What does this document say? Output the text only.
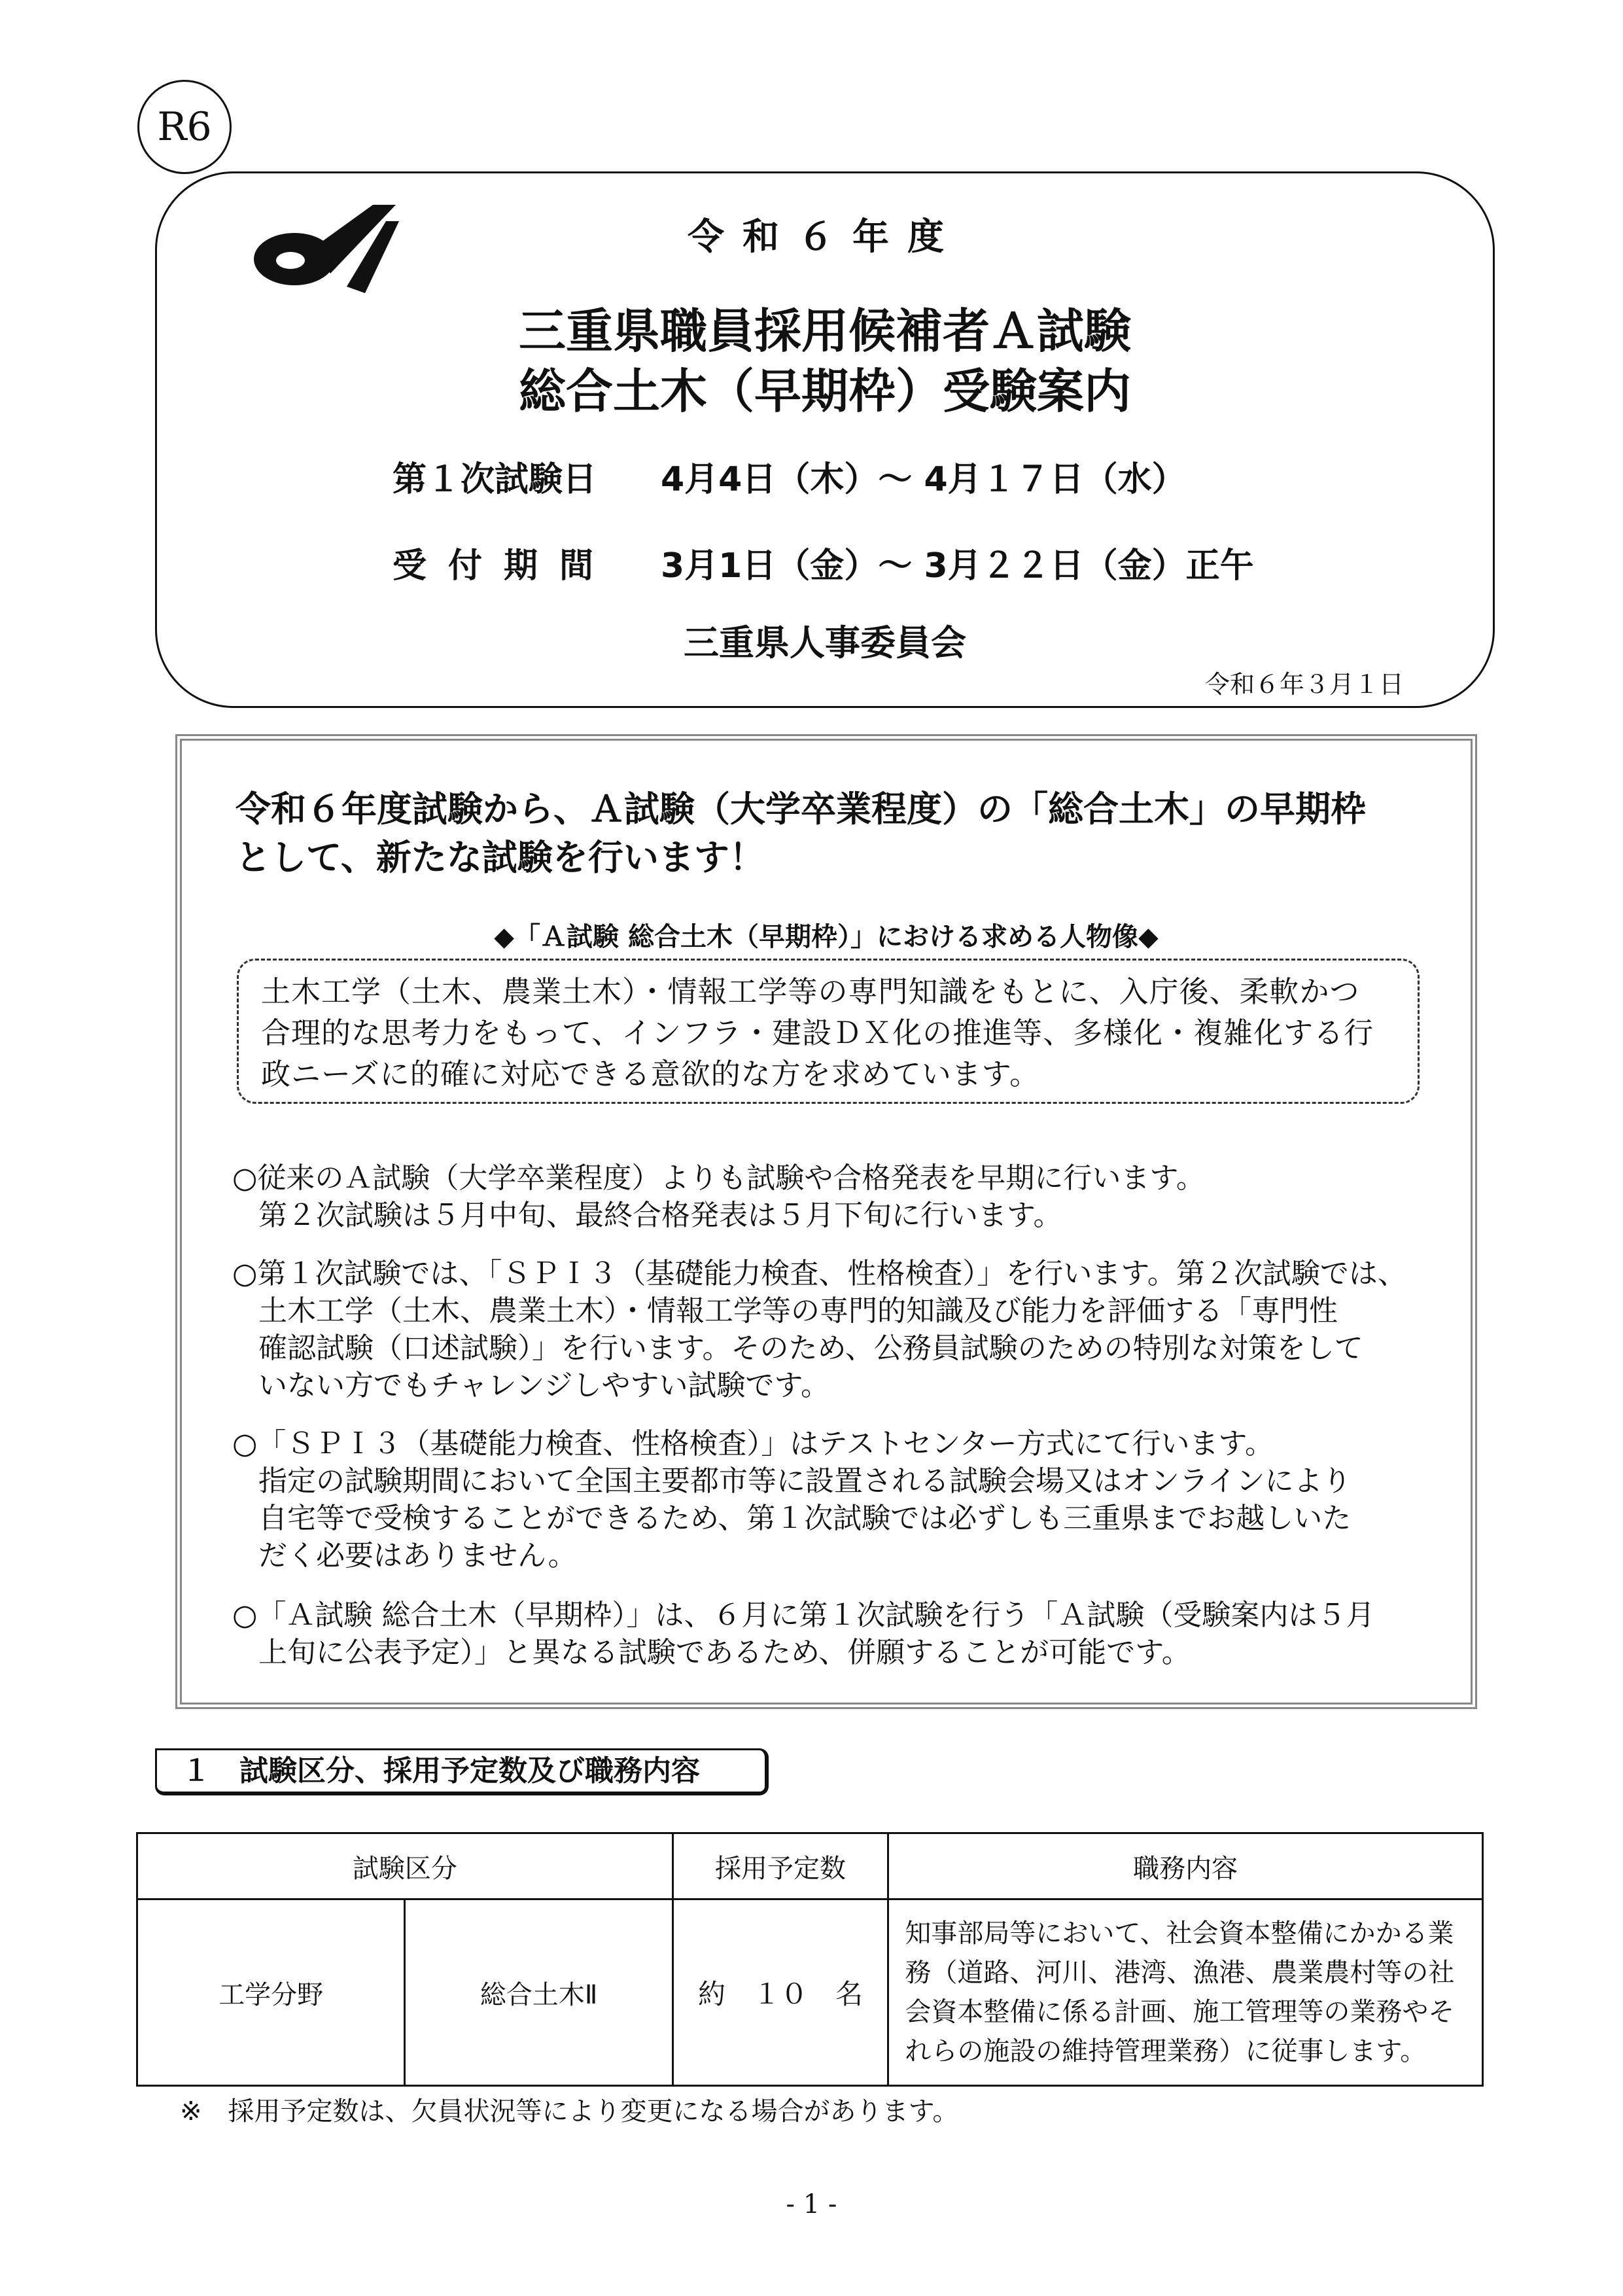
R6
令和６年度
三重県職員採用候補者Ａ試験
総合土木（早期枠）受験案内
第１次試験日 4月4日（木）～ 4月１７日（水）
受付期間 3月1日（金）～ 3月２２日（金）正午
三重県人事委員会
令和６年３月１日
令和６年度試験から、Ａ試験（大学卒業程度）の「総合土木」の早期枠
として、新たな試験を行います！
◆「Ａ試験 総合土木（早期枠）」における求める人物像◆
土木工学（土木、農業土木）・情報工学等の専門知識をもとに、入庁後、柔軟かつ
合理的な思考力をもって、インフラ・建設ＤＸ化の推進等、多様化・複雑化する行
政ニーズに的確に対応できる意欲的な方を求めています。
○従来のＡ試験（大学卒業程度）よりも試験や合格発表を早期に行います。
第２次試験は５月中旬、最終合格発表は５月下旬に行います。
○第１次試験では、「ＳＰＩ３（基礎能力検査、性格検査）」を行います。第２次試験では、
土木工学（土木、農業土木）・情報工学等の専門的知識及び能力を評価する「専門性
確認試験（口述試験）」を行います。そのため、公務員試験のための特別な対策をして
いない方でもチャレンジしやすい試験です。
○「ＳＰＩ３（基礎能力検査、性格検査）」はテストセンター方式にて行います。
指定の試験期間において全国主要都市等に設置される試験会場又はオンラインにより
自宅等で受検することができるため、第１次試験では必ずしも三重県までお越しいた
だく必要はありません。
○「Ａ試験 総合土木（早期枠）」は、６月に第１次試験を行う「Ａ試験（受験案内は５月
上旬に公表予定）」と異なる試験であるため、併願することが可能です。
１　試験区分、採用予定数及び職務内容
試験区分		採用予定数	職務内容
工学分野	総合土木Ⅱ	約　１０　名	知事部局等において、社会資本整備にかかる業
務（道路、河川、港湾、漁港、農業農村等の社
会資本整備に係る計画、施工管理等の業務やそ
れらの施設の維持管理業務）に従事します。
※　採用予定数は、欠員状況等により変更になる場合があります。
- 1 -
